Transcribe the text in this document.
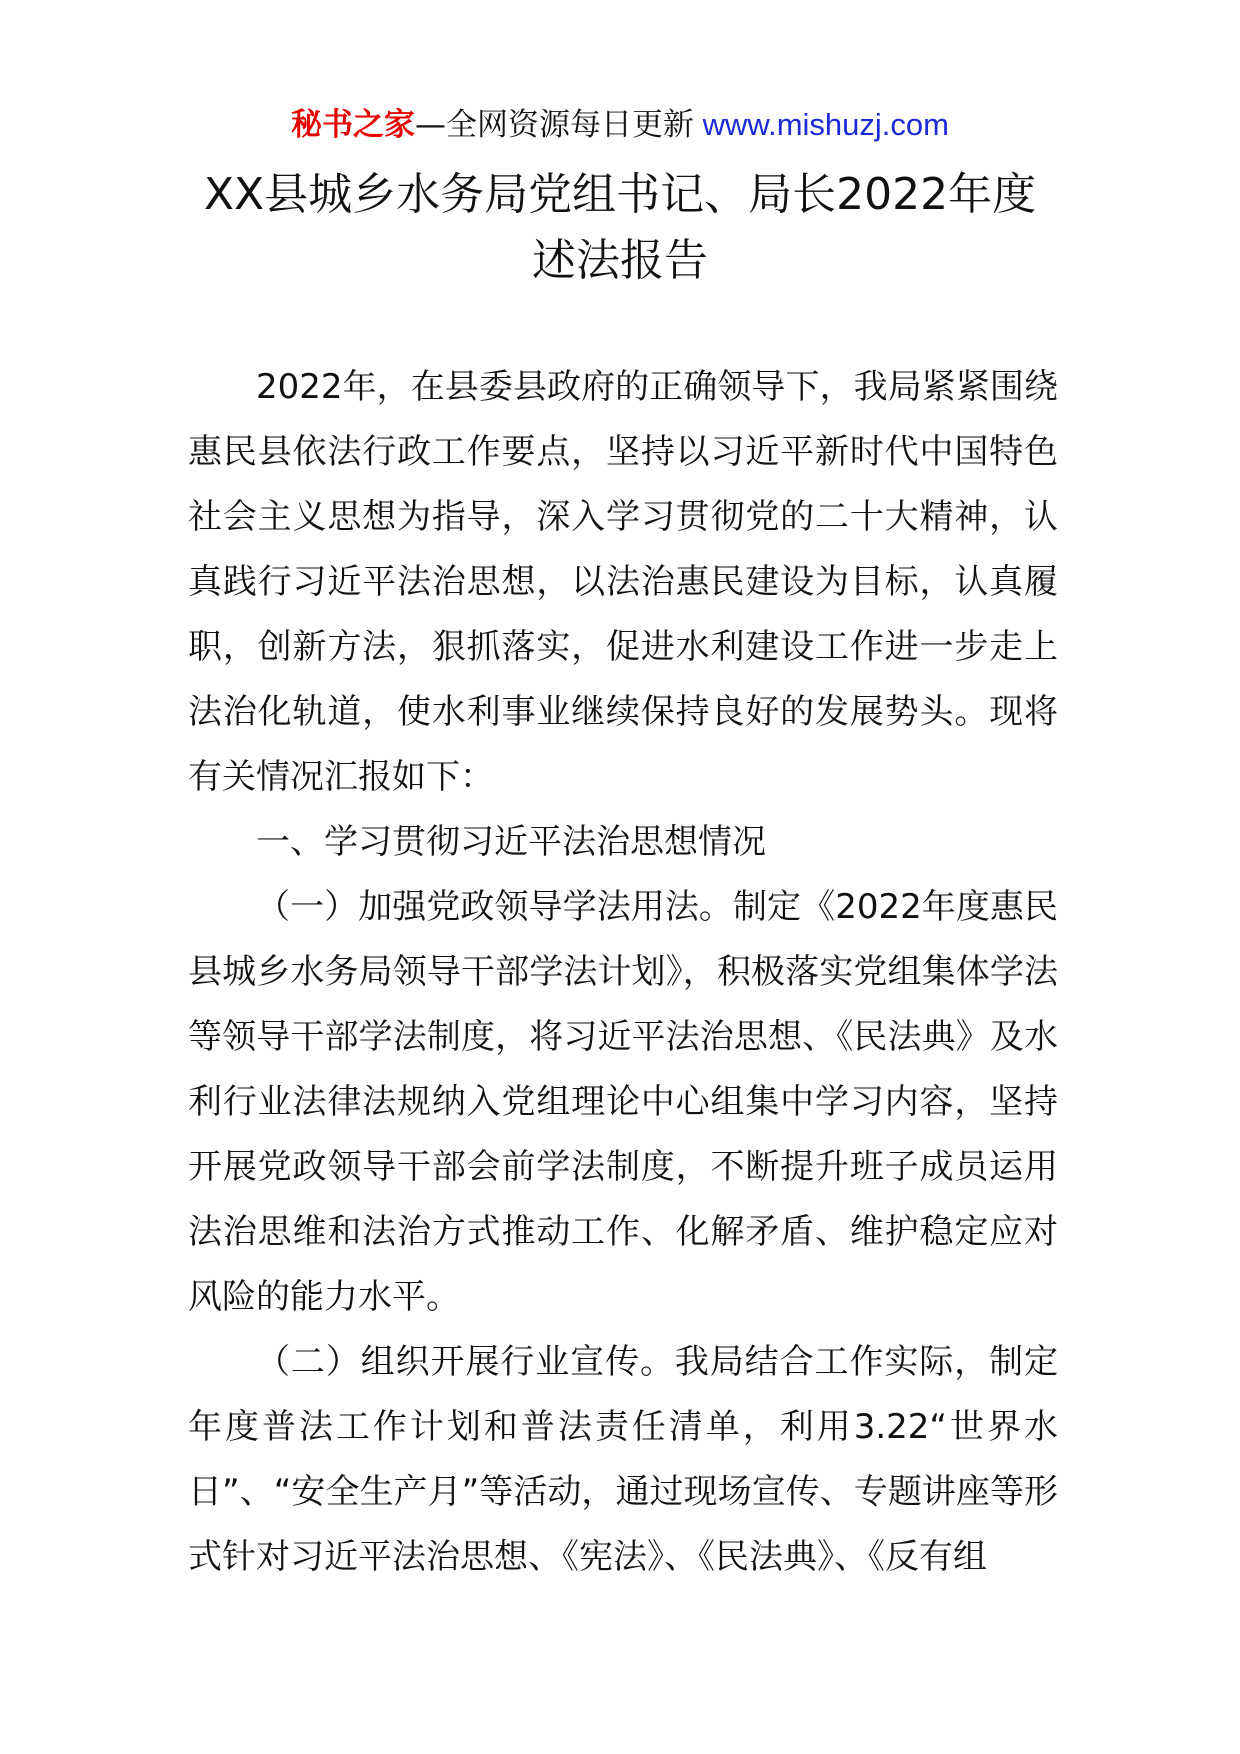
秘书之家—全网资源每日更新 www.mishuzj.com
XX县城乡水务局党组书记、局长2022年度
述法报告

2022年，在县委县政府的正确领导下，我局紧紧围绕惠民县依法行政工作要点，坚持以习近平新时代中国特色社会主义思想为指导，深入学习贯彻党的二十大精神，认真践行习近平法治思想，以法治惠民建设为目标，认真履职，创新方法，狠抓落实，促进水利建设工作进一步走上法治化轨道，使水利事业继续保持良好的发展势头。现将有关情况汇报如下：

一、学习贯彻习近平法治思想情况

（一）加强党政领导学法用法。制定《2022年度惠民县城乡水务局领导干部学法计划》，积极落实党组集体学法等领导干部学法制度，将习近平法治思想、《民法典》及水利行业法律法规纳入党组理论中心组集中学习内容，坚持开展党政领导干部会前学法制度，不断提升班子成员运用法治思维和法治方式推动工作、化解矛盾、维护稳定应对风险的能力水平。

（二）组织开展行业宣传。我局结合工作实际，制定年度普法工作计划和普法责任清单，利用3.22“世界水日”、“安全生产月”等活动，通过现场宣传、专题讲座等形式针对习近平法治思想、《宪法》、《民法典》、《反有组
